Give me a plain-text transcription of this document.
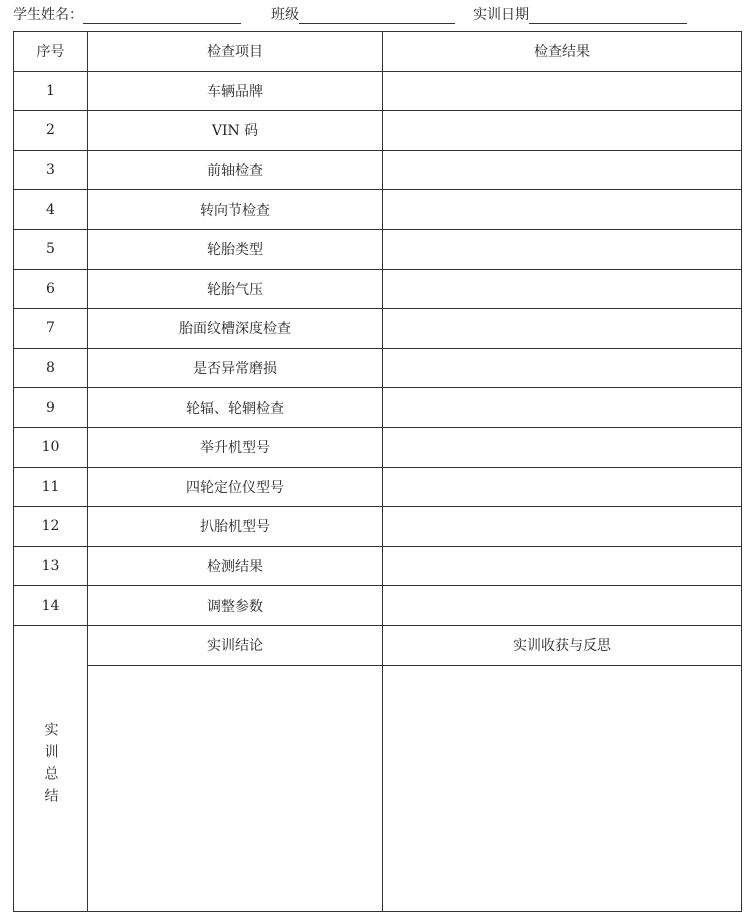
学生姓名：	班级	实训日期
序号	检查项目	检查结果
1	车辆品牌	
2	VIN 码	
3	前轴检查	
4	转向节检查	
5	轮胎类型	
6	轮胎气压	
7	胎面纹槽深度检查	
8	是否异常磨损	
9	轮辐、轮辋检查	
10	举升机型号	
11	四轮定位仪型号	
12	扒胎机型号	
13	检测结果	
14	调整参数	
实训总结	实训结论	实训收获与反思
